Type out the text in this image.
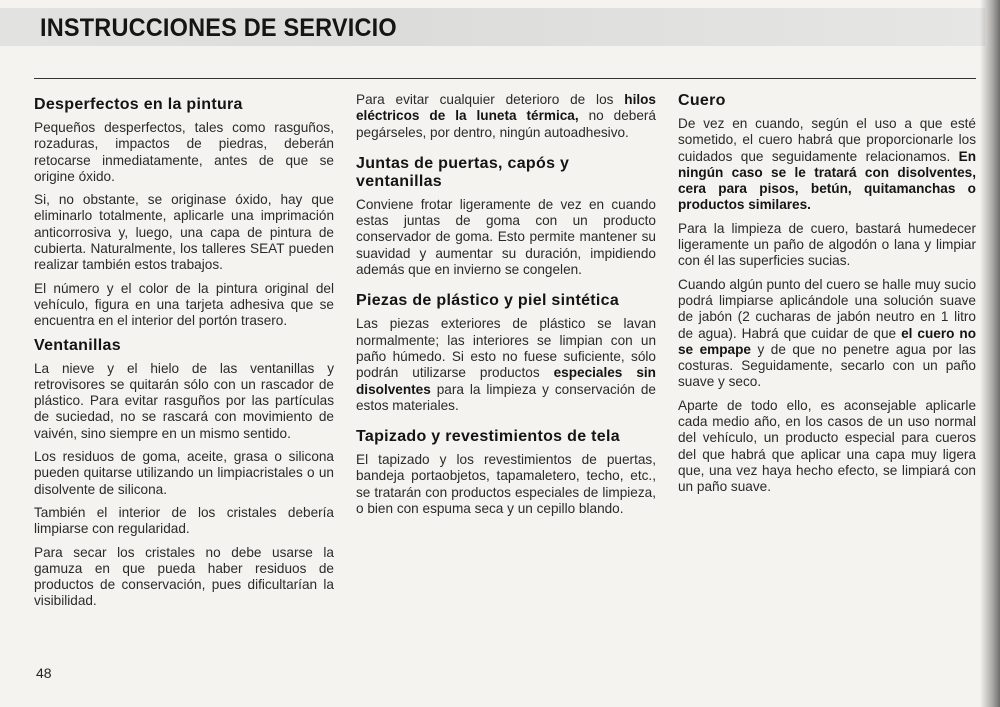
INSTRUCCIONES DE SERVICIO
Desperfectos en la pintura

Pequeños desperfectos, tales como rasguños, rozaduras, impactos de piedras, deberán retocarse inmediatamente, antes de que se origine óxido.

Si, no obstante, se originase óxido, hay que eliminarlo totalmente, aplicarle una imprimación anticorrosiva y, luego, una capa de pintura de cubierta. Naturalmente, los talleres SEAT pueden realizar también estos trabajos.

El número y el color de la pintura original del vehículo, figura en una tarjeta adhesiva que se encuentra en el interior del portón trasero.

Ventanillas

La nieve y el hielo de las ventanillas y retrovisores se quitarán sólo con un rascador de plástico. Para evitar rasguños por las partículas de suciedad, no se rascará con movimiento de vaivén, sino siempre en un mismo sentido.

Los residuos de goma, aceite, grasa o silicona pueden quitarse utilizando un limpiacristales o un disolvente de silicona.

También el interior de los cristales debería limpiarse con regularidad.

Para secar los cristales no debe usarse la gamuza en que pueda haber residuos de productos de conservación, pues dificultarían la visibilidad.

Para evitar cualquier deterioro de los hilos eléctricos de la luneta térmica, no deberá pegárseles, por dentro, ningún autoadhesivo.

Juntas de puertas, capós y ventanillas

Conviene frotar ligeramente de vez en cuando estas juntas de goma con un producto conservador de goma. Esto permite mantener su suavidad y aumentar su duración, impidiendo además que en invierno se congelen.

Piezas de plástico y piel sintética

Las piezas exteriores de plástico se lavan normalmente; las interiores se limpian con un paño húmedo. Si esto no fuese suficiente, sólo podrán utilizarse productos especiales sin disolventes para la limpieza y conservación de estos materiales.

Tapizado y revestimientos de tela

El tapizado y los revestimientos de puertas, bandeja portaobjetos, tapamaletero, techo, etc., se tratarán con productos especiales de limpieza, o bien con espuma seca y un cepillo blando.

Cuero

De vez en cuando, según el uso a que esté sometido, el cuero habrá que proporcionarle los cuidados que seguidamente relacionamos. En ningún caso se le tratará con disolventes, cera para pisos, betún, quitamanchas o productos similares.

Para la limpieza de cuero, bastará humedecer ligeramente un paño de algodón o lana y limpiar con él las superficies sucias.

Cuando algún punto del cuero se halle muy sucio podrá limpiarse aplicándole una solución suave de jabón (2 cucharas de jabón neutro en 1 litro de agua). Habrá que cuidar de que el cuero no se empape y de que no penetre agua por las costuras. Seguidamente, secarlo con un paño suave y seco.

Aparte de todo ello, es aconsejable aplicarle cada medio año, en los casos de un uso normal del vehículo, un producto especial para cueros del que habrá que aplicar una capa muy ligera que, una vez haya hecho efecto, se limpiará con un paño suave.

48
